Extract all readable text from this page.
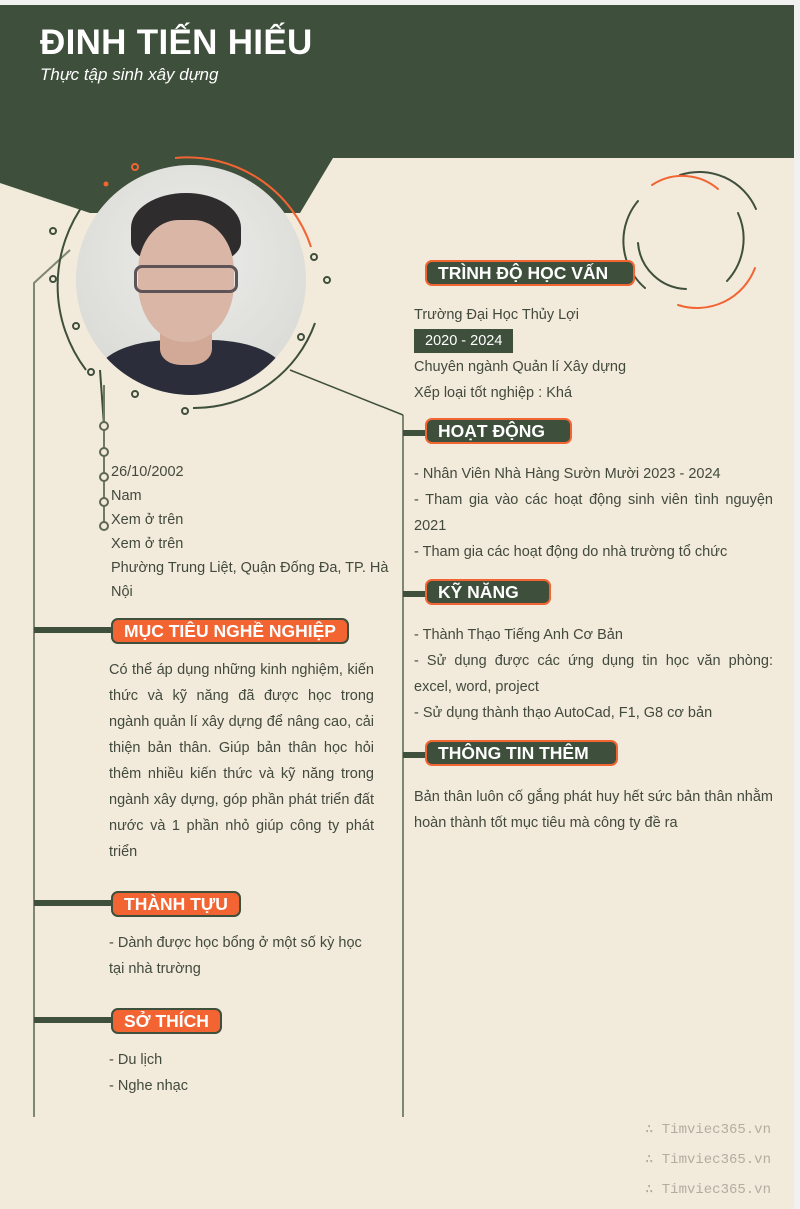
ĐINH TIẾN HIẾU
Thực tập sinh xây dựng
26/10/2002
Nam
Xem ở trên
Xem ở trên
Phường Trung Liệt, Quận Đống Đa, TP. Hà Nội
MỤC TIÊU NGHỀ NGHIỆP
Có thể áp dụng những kinh nghiệm, kiến thức và kỹ năng đã được học trong ngành quản lí xây dựng để nâng cao, cải thiện bản thân. Giúp bản thân học hỏi thêm nhiều kiến thức và kỹ năng trong ngành xây dựng, góp phần phát triển đất nước và 1 phần nhỏ giúp công ty phát triển
THÀNH TỰU

- Dành được học bổng ở một số kỳ học tại nhà trường

SỞ THÍCH

- Du lịch

- Nghe nhạc

TRÌNH ĐỘ HỌC VẤN

Trường Đại Học Thủy Lợi

2020 - 2024

Chuyên ngành Quản lí Xây dựng

Xếp loại tốt nghiệp : Khá

HOẠT ĐỘNG

- Nhân Viên Nhà Hàng Sườn Mười 2023 - 2024

- Tham gia vào các hoạt động sinh viên tình nguyện 2021

- Tham gia các hoạt động do nhà trường tổ chức

KỸ NĂNG

- Thành Thạo Tiếng Anh Cơ Bản

- Sử dụng được các ứng dụng tin học văn phòng: excel, word, project

- Sử dụng thành thạo AutoCad, F1, G8 cơ bản

THÔNG TIN THÊM
Bản thân luôn cố gắng phát huy hết sức bản thân nhằm hoàn thành tốt mục tiêu mà công ty đề ra
∴ Timviec365.vn
∴ Timviec365.vn
∴ Timviec365.vn
